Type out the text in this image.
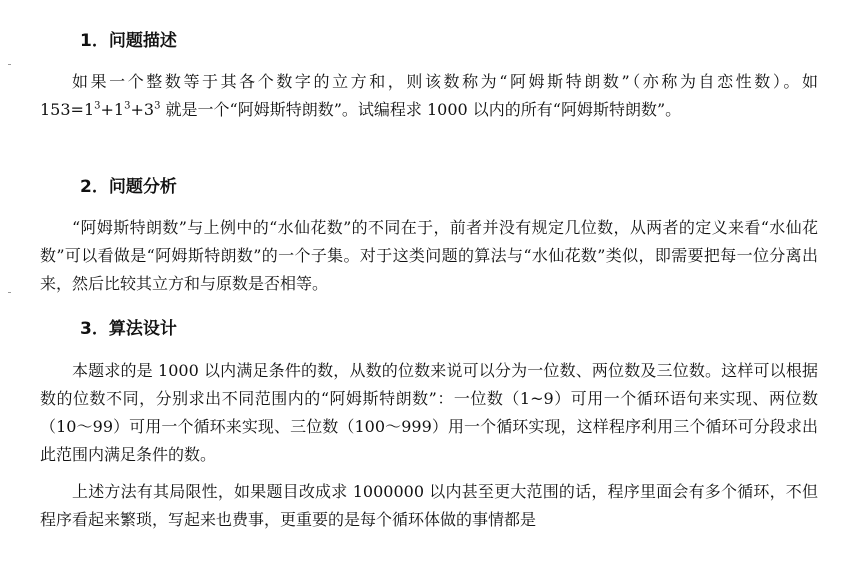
1．问题描述
如果一个整数等于其各个数字的立方和，则该数称为“阿姆斯特朗数”（亦称为自恋性数）。如 $153=1^3+1^3+3^3$ 就是一个“阿姆斯特朗数”。试编程求 1000 以内的所有“阿姆斯特朗数”。
2．问题分析
“阿姆斯特朗数”与上例中的“水仙花数”的不同在于，前者并没有规定几位数，从两者的定义来看“水仙花数”可以看做是“阿姆斯特朗数”的一个子集。对于这类问题的算法与“水仙花数”类似，即需要把每一位分离出来，然后比较其立方和与原数是否相等。
3．算法设计
本题求的是 1000 以内满足条件的数，从数的位数来说可以分为一位数、两位数及三位数。这样可以根据数的位数不同，分别求出不同范围内的“阿姆斯特朗数”：一位数（1~9）可用一个循环语句来实现、两位数（10～99）可用一个循环来实现、三位数（100～999）用一个循环实现，这样程序利用三个循环可分段求出此范围内满足条件的数。
上述方法有其局限性，如果题目改成求 1000000 以内甚至更大范围的话，程序里面会有多个循环，不但程序看起来繁琐，写起来也费事，更重要的是每个循环体做的事情都是
